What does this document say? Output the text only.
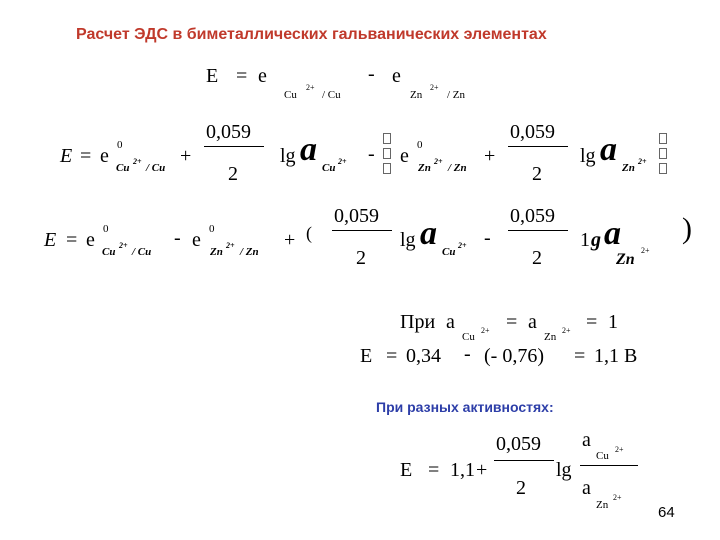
Расчет ЭДС в биметаллических гальванических элементах
E = e
Cu
2+
/ Cu
- e
Zn
2+
/ Zn
E = e 0
Cu
2+
/ Cu
+
0,059
2
lg a Cu
2+ - e 0
Zn
2+
/ Zn
+
0,059
2
lg a Zn
2+
E = e 0
Cu
2+
/ Cu
- e 0
Zn
2+
/ Zn
+ (
0,059
2
lg a Cu
2+ -
0,059
2
1 g a
Zn
2+
)
При a
Cu
2+ = a
Zn
2+ = 1
E = 0,34 - (- 0,76) = 1,1 В
При разных активностях:
E = 1,1 +
0,059
2
lg
a
Cu
2+
a
Zn
2+
64
